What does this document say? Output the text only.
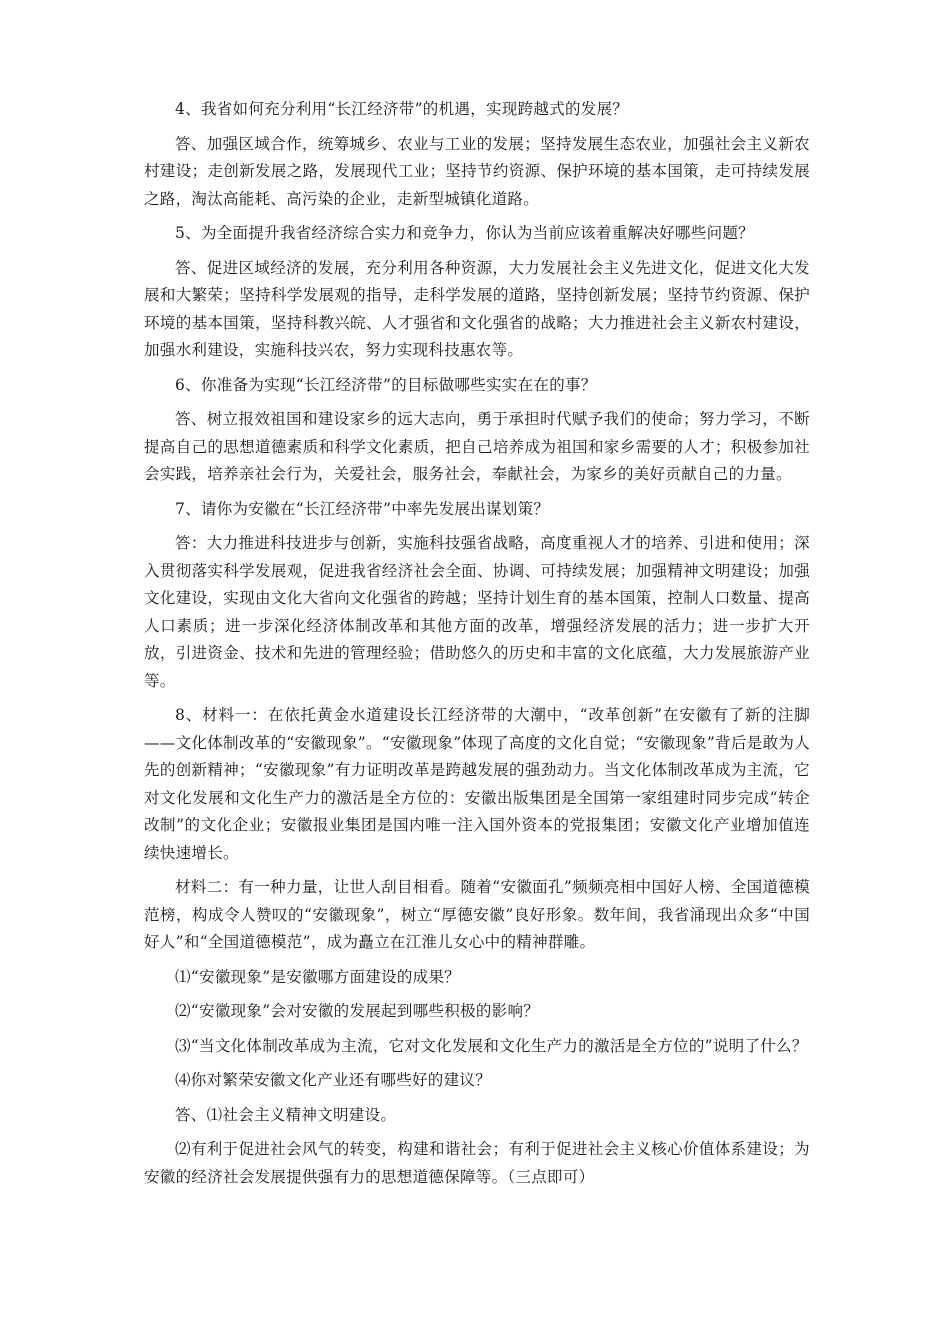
4、我省如何充分利用“长江经济带”的机遇，实现跨越式的发展？

答、加强区域合作，统筹城乡、农业与工业的发展；坚持发展生态农业，加强社会主义新农村建设；走创新发展之路，发展现代工业；坚持节约资源、保护环境的基本国策，走可持续发展之路，淘汰高能耗、高污染的企业，走新型城镇化道路。

5、为全面提升我省经济综合实力和竞争力，你认为当前应该着重解决好哪些问题？

答、促进区域经济的发展，充分利用各种资源，大力发展社会主义先进文化，促进文化大发展和大繁荣；坚持科学发展观的指导，走科学发展的道路，坚持创新发展；坚持节约资源、保护环境的基本国策，坚持科教兴皖、人才强省和文化强省的战略；大力推进社会主义新农村建设，加强水利建设，实施科技兴农，努力实现科技惠农等。

6、你准备为实现“长江经济带”的目标做哪些实实在在的事？

答、树立报效祖国和建设家乡的远大志向，勇于承担时代赋予我们的使命；努力学习，不断提高自己的思想道德素质和科学文化素质，把自己培养成为祖国和家乡需要的人才；积极参加社会实践，培养亲社会行为，关爱社会，服务社会，奉献社会，为家乡的美好贡献自己的力量。

7、请你为安徽在“长江经济带”中率先发展出谋划策？

答：大力推进科技进步与创新，实施科技强省战略，高度重视人才的培养、引进和使用；深入贯彻落实科学发展观，促进我省经济社会全面、协调、可持续发展；加强精神文明建设；加强文化建设，实现由文化大省向文化强省的跨越；坚持计划生育的基本国策，控制人口数量、提高人口素质；进一步深化经济体制改革和其他方面的改革，增强经济发展的活力；进一步扩大开放，引进资金、技术和先进的管理经验；借助悠久的历史和丰富的文化底蕴，大力发展旅游产业等。

8、材料一：在依托黄金水道建设长江经济带的大潮中，“改革创新”在安徽有了新的注脚——文化体制改革的“安徽现象”。“安徽现象”体现了高度的文化自觉；“安徽现象”背后是敢为人先的创新精神；“安徽现象”有力证明改革是跨越发展的强劲动力。当文化体制改革成为主流，它对文化发展和文化生产力的激活是全方位的：安徽出版集团是全国第一家组建时同步完成“转企改制”的文化企业；安徽报业集团是国内唯一注入国外资本的党报集团；安徽文化产业增加值连续快速增长。

材料二：有一种力量，让世人刮目相看。随着“安徽面孔”频频亮相中国好人榜、全国道德模范榜，构成令人赞叹的“安徽现象”，树立“厚德安徽”良好形象。数年间，我省涌现出众多“中国好人”和“全国道德模范”，成为矗立在江淮儿女心中的精神群雕。

⑴“安徽现象”是安徽哪方面建设的成果？

⑵“安徽现象”会对安徽的发展起到哪些积极的影响？

⑶“当文化体制改革成为主流，它对文化发展和文化生产力的激活是全方位的”说明了什么？

⑷你对繁荣安徽文化产业还有哪些好的建议？

答、⑴社会主义精神文明建设。

⑵有利于促进社会风气的转变，构建和谐社会；有利于促进社会主义核心价值体系建设；为安徽的经济社会发展提供强有力的思想道德保障等。（三点即可）
